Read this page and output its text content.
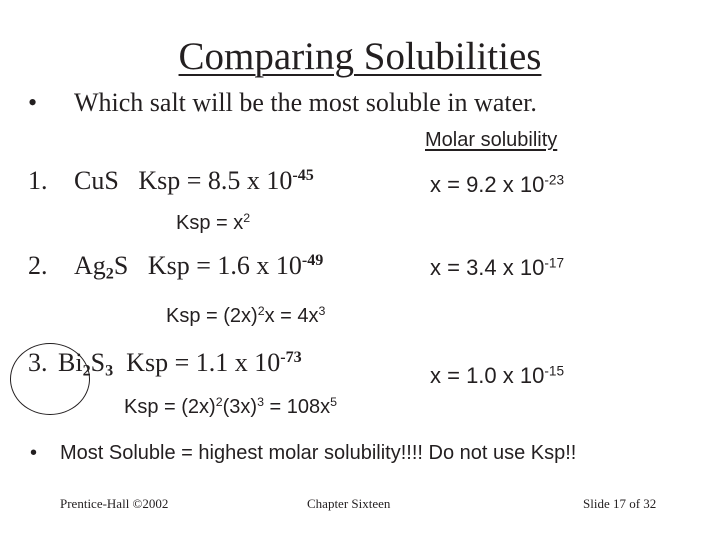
Comparing Solubilities
• Which salt will be the most soluble in water.
Molar solubility
1. CuS Ksp = 8.5 x $10^{-45}$	x = 9.2 x $10^{-23}$
Ksp = $x^2$
2. $Ag_2S$ Ksp = 1.6 x $10^{-49}$	x = 3.4 x $10^{-17}$
Ksp = $(2x)^2x = 4x^3$
3. $Bi_2S_3$ Ksp = 1.1 x $10^{-73}$
x = 1.0 x $10^{-15}$
Ksp = $(2x)^2(3x)^3 = 108x^5$
• Most Soluble = highest molar solubility!!!! Do not use Ksp!!
Prentice-Hall ©2002	Chapter Sixteen	Slide 17 of 32
